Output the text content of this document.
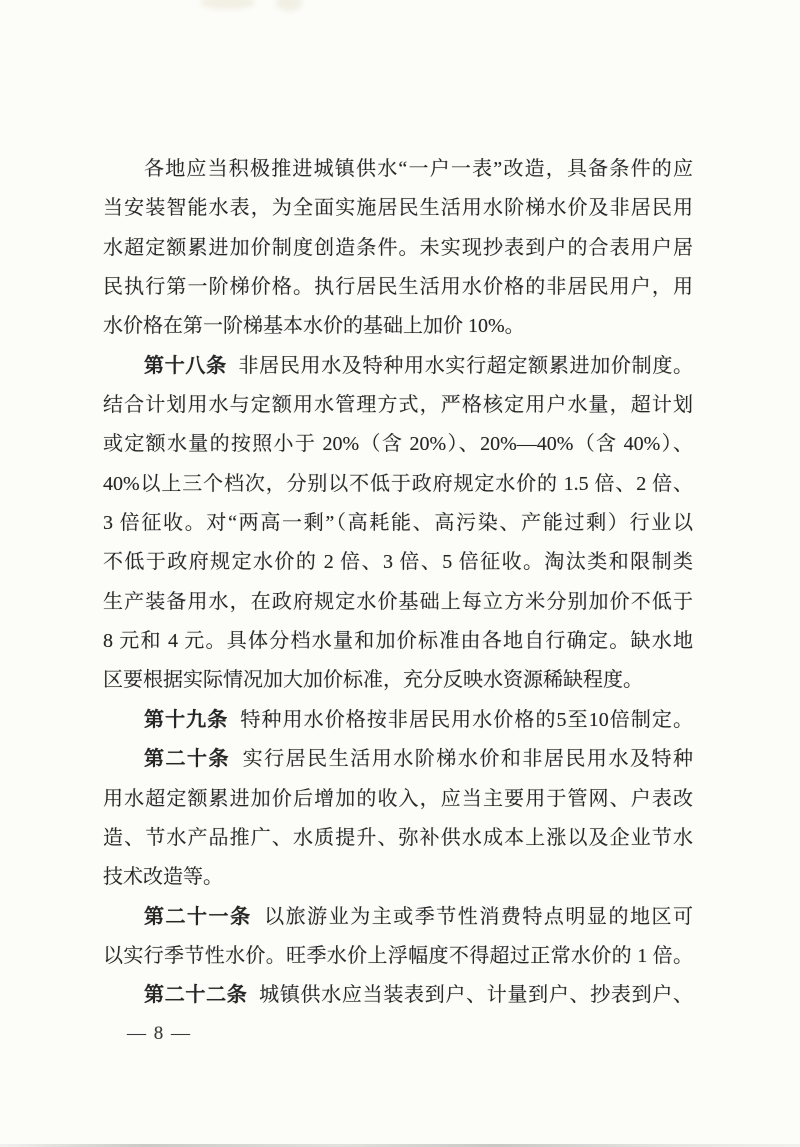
各地应当积极推进城镇供水“一户一表”改造，具备条件的应
当安装智能水表，为全面实施居民生活用水阶梯水价及非居民用
水超定额累进加价制度创造条件。未实现抄表到户的合表用户居
民执行第一阶梯价格。执行居民生活用水价格的非居民用户，用
水价格在第一阶梯基本水价的基础上加价 10%。

第十八条 非居民用水及特种用水实行超定额累进加价制度。
结合计划用水与定额用水管理方式，严格核定用户水量，超计划
或定额水量的按照小于 20%（含 20%）、20%—40%（含 40%）、
40%以上三个档次，分别以不低于政府规定水价的 1.5 倍、2 倍、
3 倍征收。对“两高一剩”（高耗能、高污染、产能过剩）行业以
不低于政府规定水价的 2 倍、3 倍、5 倍征收。淘汰类和限制类
生产装备用水，在政府规定水价基础上每立方米分别加价不低于
8 元和 4 元。具体分档水量和加价标准由各地自行确定。缺水地
区要根据实际情况加大加价标准，充分反映水资源稀缺程度。

第十九条 特种用水价格按非居民用水价格的5至10倍制定。

第二十条 实行居民生活用水阶梯水价和非居民用水及特种
用水超定额累进加价后增加的收入，应当主要用于管网、户表改
造、节水产品推广、水质提升、弥补供水成本上涨以及企业节水
技术改造等。

第二十一条 以旅游业为主或季节性消费特点明显的地区可
以实行季节性水价。旺季水价上浮幅度不得超过正常水价的 1 倍。

第二十二条 城镇供水应当装表到户、计量到户、抄表到户、

— 8 —
